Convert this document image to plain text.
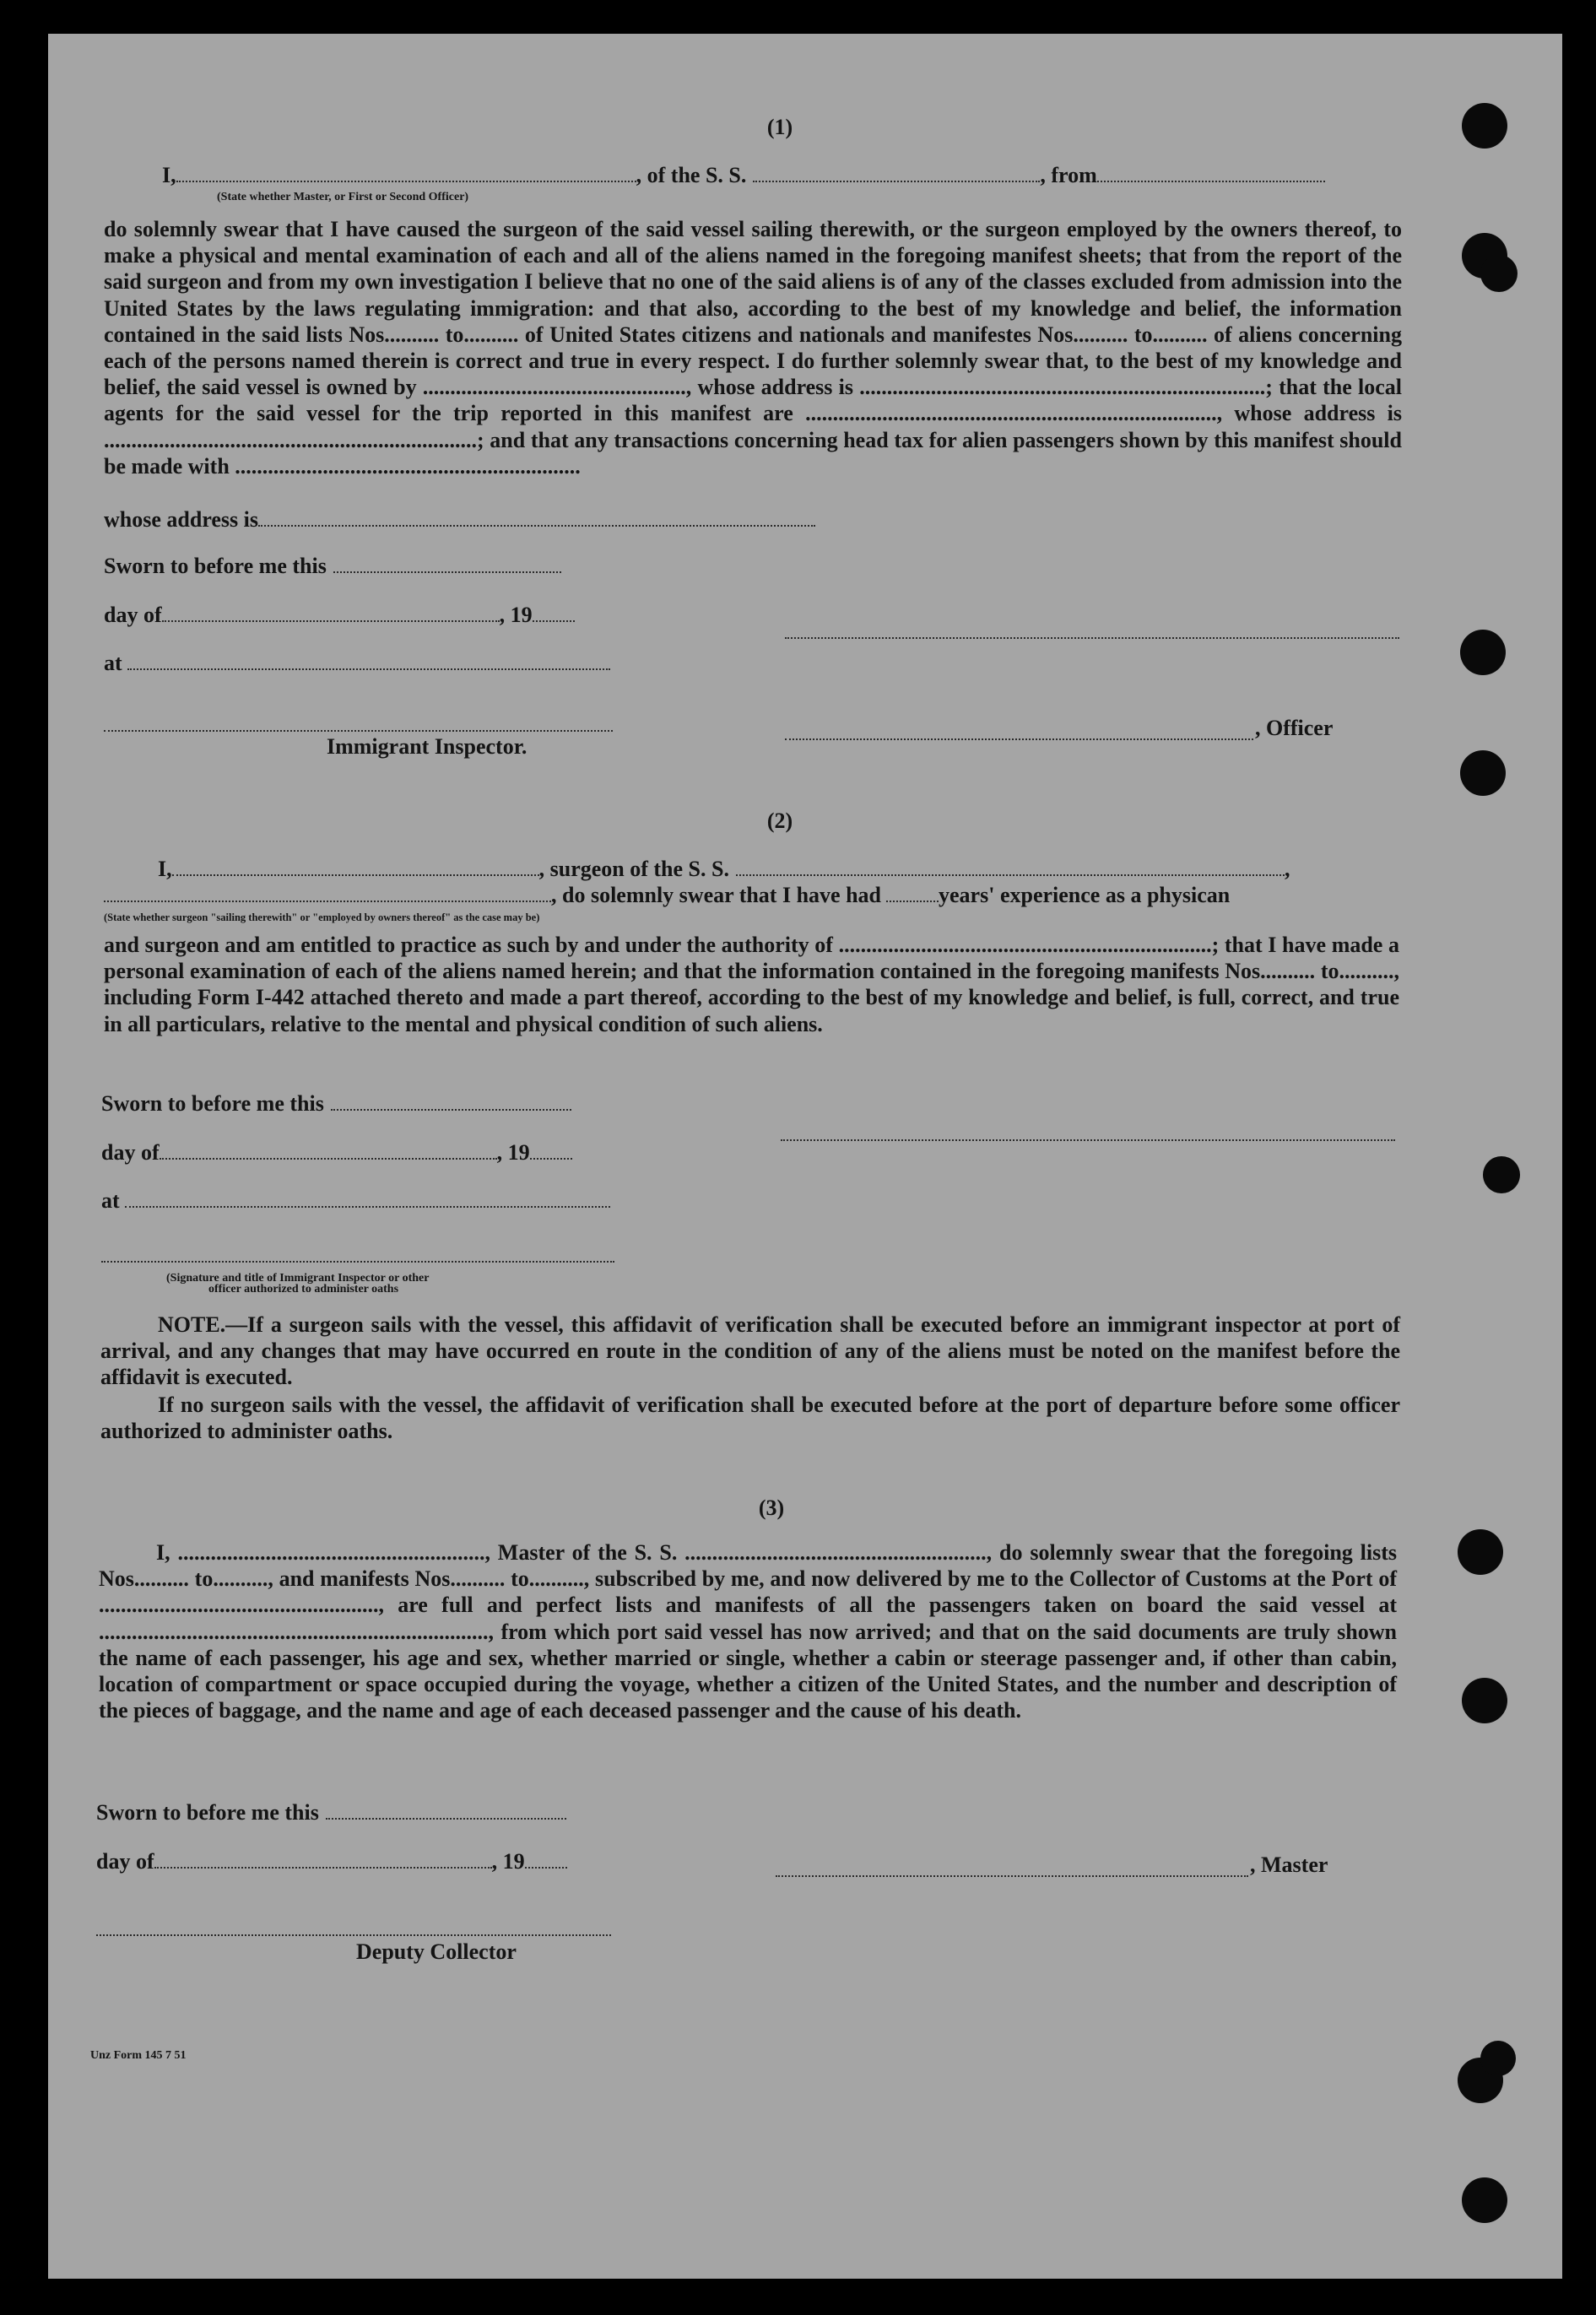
(1)
I,	, of the S. S.	, from
(State whether Master, or First or Second Officer)
do solemnly swear that I have caused the surgeon of the said vessel sailing therewith, or the surgeon employed by the owners thereof, to make a physical and mental examination of each and all of the aliens named in the foregoing manifest sheets; that from the report of the said surgeon and from my own investigation I believe that no one of the said aliens is of any of the classes excluded from admission into the United States by the laws regulating immigration: and that also, according to the best of my knowledge and belief, the information contained in the said lists Nos.......... to.......... of United States citizens and nationals and manifestes Nos.......... to.......... of aliens concerning each of the persons named therein is correct and true in every respect. I do further solemnly swear that, to the best of my knowledge and belief, the said vessel is owned by ................................................, whose address is ..........................................................................; that the local agents for the said vessel for the trip reported in this manifest are ..........................................................................., whose address is ....................................................................; and that any transactions concerning head tax for alien passengers shown by this manifest should be made with ...............................................................
whose address is
Sworn to before me this
day of	, 19
at
, Officer
Immigrant Inspector.
(2)
I,	, surgeon of the S. S.	,
, do solemnly swear that I have had	years' experience as a physican
(State whether surgeon "sailing therewith" or "employed by owners thereof" as the case may be)
and surgeon and am entitled to practice as such by and under the authority of ....................................................................; that I have made a personal examination of each of the aliens named herein; and that the information contained in the foregoing manifests Nos.......... to.........., including Form I-442 attached thereto and made a part thereof, according to the best of my knowledge and belief, is full, correct, and true in all particulars, relative to the mental and physical condition of such aliens.
Sworn to before me this
day of	, 19
at
(Signature and title of Immigrant Inspector or other
officer authorized to administer oaths
NOTE.—If a surgeon sails with the vessel, this affidavit of verification shall be executed before an immigrant inspector at port of arrival, and any changes that may have occurred en route in the condition of any of the aliens must be noted on the manifest before the affidavit is executed.
If no surgeon sails with the vessel, the affidavit of verification shall be executed before at the port of departure before some officer authorized to administer oaths.
(3)
I, ........................................................, Master of the S. S. ......................................................., do solemnly swear that the foregoing lists Nos.......... to.........., and manifests Nos.......... to.........., subscribed by me, and now delivered by me to the Collector of Customs at the Port of ..................................................., are full and perfect lists and manifests of all the passengers taken on board the said vessel at ......................................................................., from which port said vessel has now arrived; and that on the said documents are truly shown the name of each passenger, his age and sex, whether married or single, whether a cabin or steerage passenger and, if other than cabin, location of compartment or space occupied during the voyage, whether a citizen of the United States, and the number and description of the pieces of baggage, and the name and age of each deceased passenger and the cause of his death.
Sworn to before me this
day of	, 19	, Master
Deputy Collector
Unz Form 145 7 51
